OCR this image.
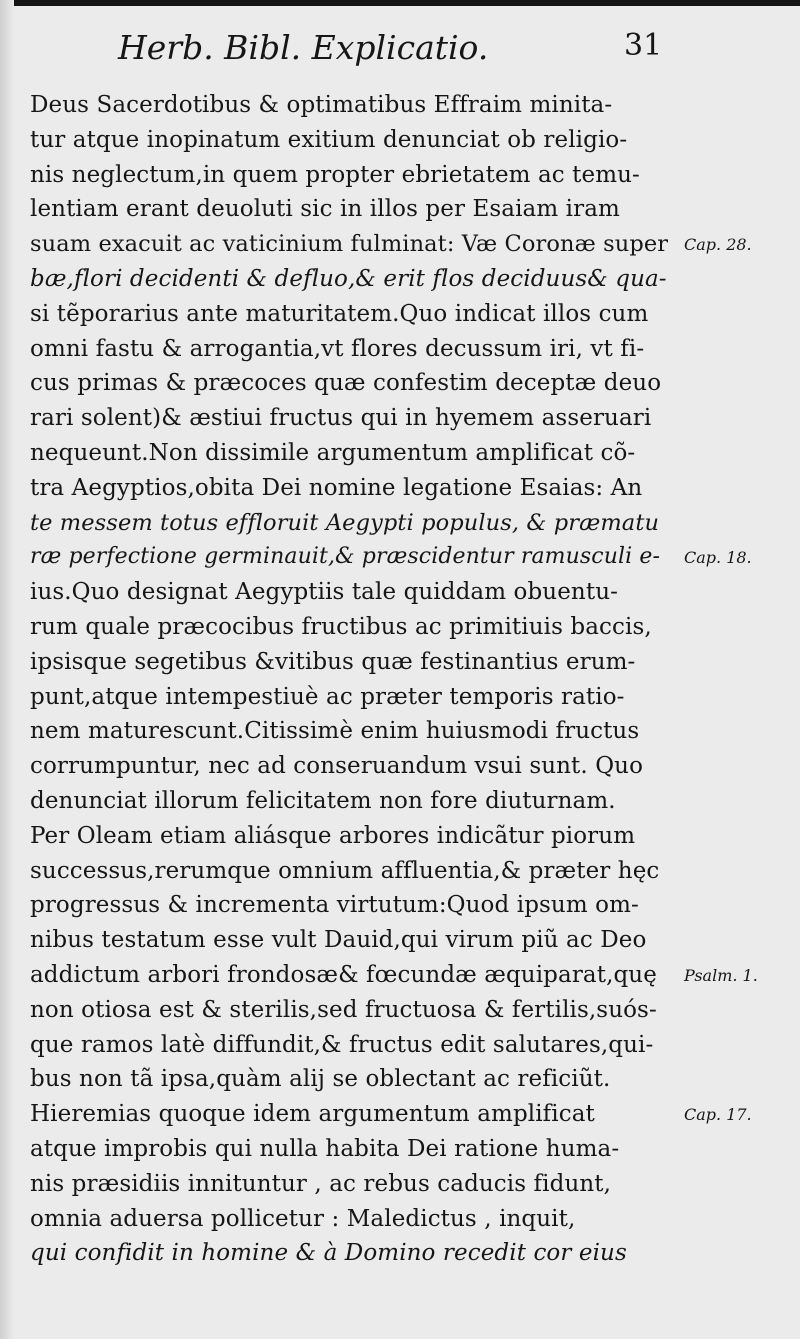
Herb. Bibl. Explicatio.	31
Deus Sacerdotibus & optimatibus Effraim minita-
tur atque inopinatum exitium denunciat ob religio-
nis neglectum,in quem propter ebrietatem ac temu-
lentiam erant deuoluti sic in illos per Esaiam iram
suam exacuit ac vaticinium fulminat: Væ Coronæ super
bæ,flori decidenti & defluo,& erit flos deciduus& qua-
si tẽporarius ante maturitatem.Quo indicat illos cum
omni fastu & arrogantia,vt flores decussum iri, vt fi-
cus primas & præcoces quæ confestim deceptæ deuo
rari solent)& æstiui fructus qui in hyemem asseruari
nequeunt.Non dissimile argumentum amplificat cõ-
tra Aegyptios,obita Dei nomine legatione Esaias: An
te messem totus effloruit Aegypti populus, & præmatu
ræ perfectione germinauit,& præscidentur ramusculi e-
ius.Quo designat Aegyptiis tale quiddam obuentu-
rum quale præcocibus fructibus ac primitiuis baccis,
ipsisque segetibus &vitibus quæ festinantius erum-
punt,atque intempestiuè ac præter temporis ratio-
nem maturescunt.Citissimè enim huiusmodi fructus
corrumpuntur, nec ad conseruandum vsui sunt. Quo
denunciat illorum felicitatem non fore diuturnam.
Per Oleam etiam aliásque arbores indicãtur piorum
successus,rerumque omnium affluentia,& præter hęc
progressus & incrementa virtutum:Quod ipsum om-
nibus testatum esse vult Dauid,qui virum piũ ac Deo
addictum arbori frondosæ& fœcundæ æquiparat,quę
non otiosa est & sterilis,sed fructuosa & fertilis,suós-
que ramos latè diffundit,& fructus edit salutares,qui-
bus non tã ipsa,quàm alij se oblectant ac reficiũt.
Hieremias quoque idem argumentum amplificat
atque improbis qui nulla habita Dei ratione huma-
nis præsidiis innituntur , ac rebus caducis fidunt,
omnia aduersa pollicetur : Maledictus , inquit,
qui confidit in homine & à Domino recedit cor eius
Cap. 28.
Cap. 18.
Psalm. 1.
Cap. 17.
